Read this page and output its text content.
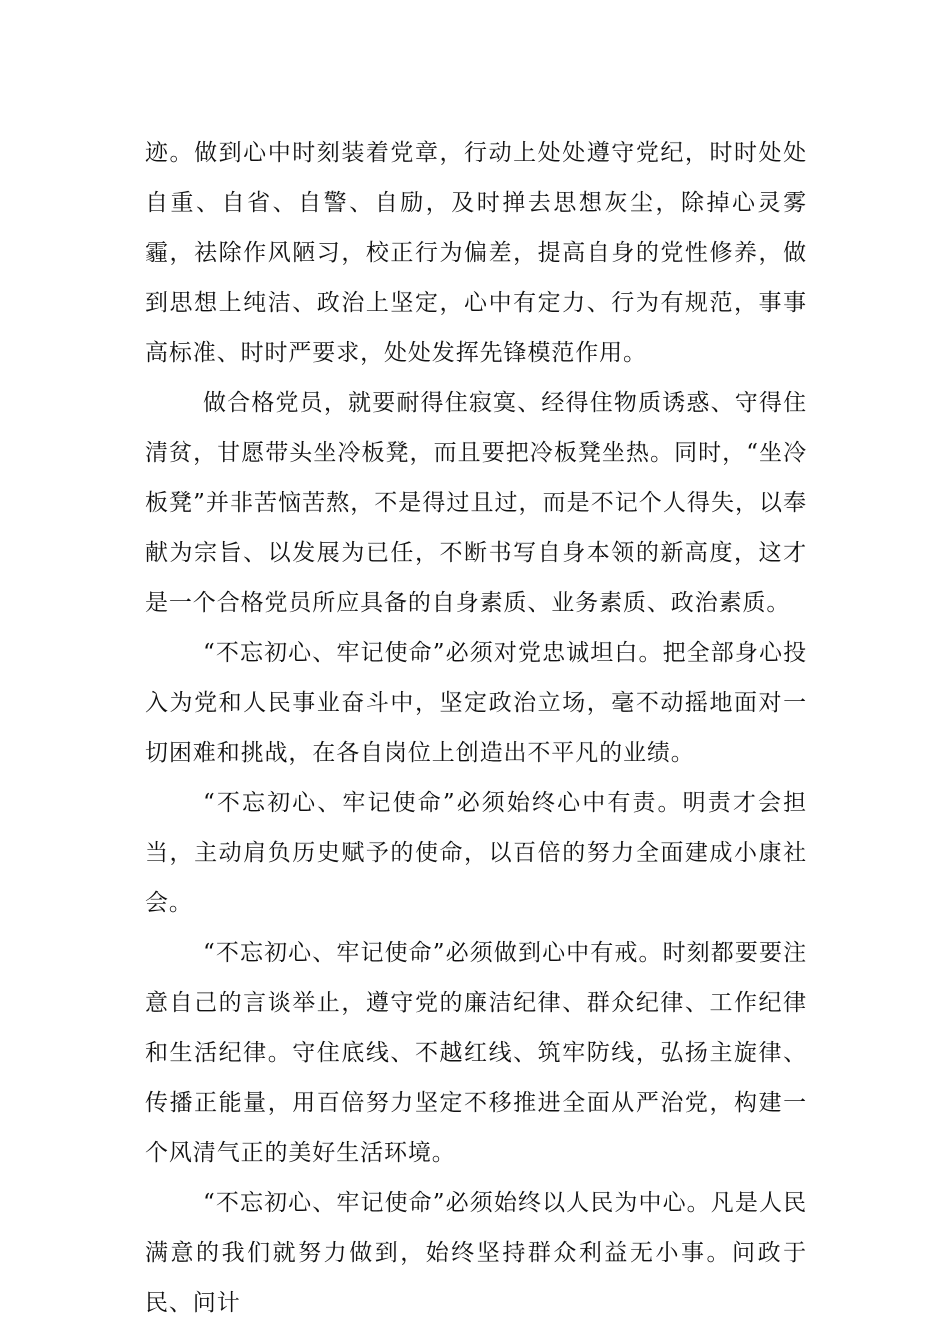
迹。做到心中时刻装着党章，行动上处处遵守党纪，时时处处自重、自省、自警、自励，及时掸去思想灰尘，除掉心灵雾霾，祛除作风陋习，校正行为偏差，提高自身的党性修养，做到思想上纯洁、政治上坚定，心中有定力、行为有规范，事事高标准、时时严要求，处处发挥先锋模范作用。

做合格党员，就要耐得住寂寞、经得住物质诱惑、守得住清贫，甘愿带头坐冷板凳，而且要把冷板凳坐热。同时，“坐冷板凳”并非苦恼苦熬，不是得过且过，而是不记个人得失，以奉献为宗旨、以发展为已任，不断书写自身本领的新高度，这才是一个合格党员所应具备的自身素质、业务素质、政治素质。

“不忘初心、牢记使命”必须对党忠诚坦白。把全部身心投入为党和人民事业奋斗中，坚定政治立场，毫不动摇地面对一切困难和挑战，在各自岗位上创造出不平凡的业绩。

“不忘初心、牢记使命”必须始终心中有责。明责才会担当，主动肩负历史赋予的使命，以百倍的努力全面建成小康社会。

“不忘初心、牢记使命”必须做到心中有戒。时刻都要要注意自己的言谈举止，遵守党的廉洁纪律、群众纪律、工作纪律和生活纪律。守住底线、不越红线、筑牢防线，弘扬主旋律、传播正能量，用百倍努力坚定不移推进全面从严治党，构建一个风清气正的美好生活环境。

“不忘初心、牢记使命”必须始终以人民为中心。凡是人民满意的我们就努力做到，始终坚持群众利益无小事。问政于民、问计
